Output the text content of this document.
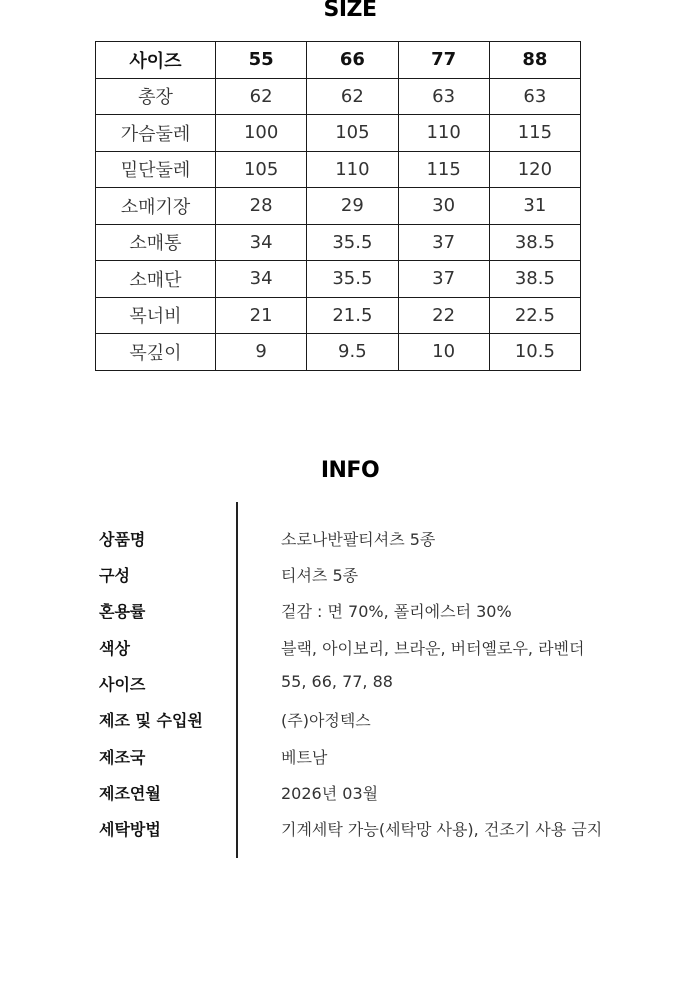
SIZE
사이즈	55	66	77	88
총장	62	62	63	63
가슴둘레	100	105	110	115
밑단둘레	105	110	115	120
소매기장	28	29	30	31
소매통	34	35.5	37	38.5
소매단	34	35.5	37	38.5
목너비	21	21.5	22	22.5
목깊이	9	9.5	10	10.5
INFO
상품명	소로나반팔티셔츠 5종
구성	티셔츠 5종
혼용률	겉감 : 면 70%, 폴리에스터 30%
색상	블랙, 아이보리, 브라운, 버터옐로우, 라벤더
사이즈	55, 66, 77, 88
제조 및 수입원	(주)아정텍스
제조국	베트남
제조연월	2026년 03월
세탁방법	기계세탁 가능(세탁망 사용), 건조기 사용 금지
